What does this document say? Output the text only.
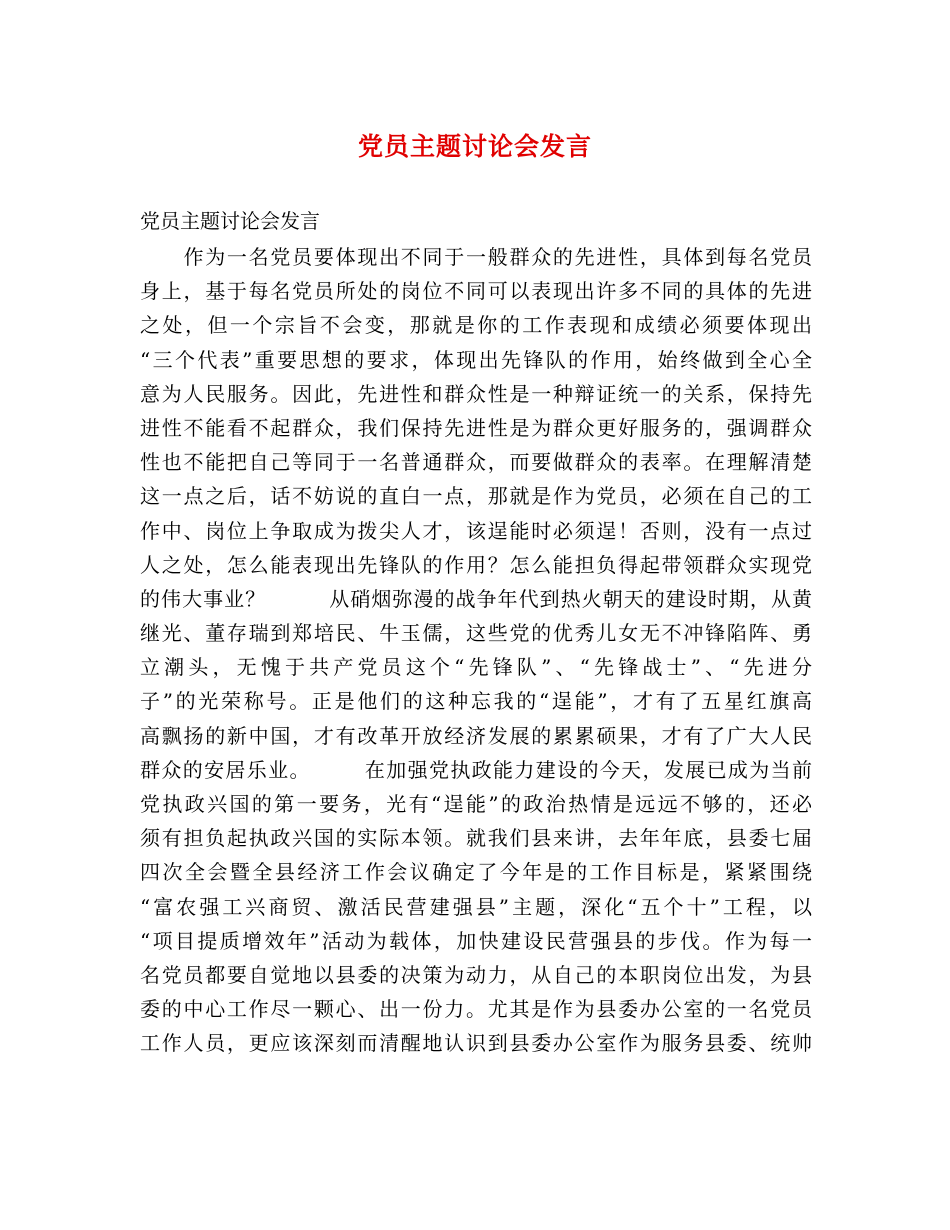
党员主题讨论会发言

党员主题讨论会发言

　　作为一名党员要体现出不同于一般群众的先进性，具体到每名党员
身上，基于每名党员所处的岗位不同可以表现出许多不同的具体的先进
之处，但一个宗旨不会变，那就是你的工作表现和成绩必须要体现出
“三个代表”重要思想的要求，体现出先锋队的作用，始终做到全心全
意为人民服务。因此，先进性和群众性是一种辩证统一的关系，保持先
进性不能看不起群众，我们保持先进性是为群众更好服务的，强调群众
性也不能把自己等同于一名普通群众，而要做群众的表率。在理解清楚
这一点之后，话不妨说的直白一点，那就是作为党员，必须在自己的工
作中、岗位上争取成为拨尖人才，该逞能时必须逞！否则，没有一点过
人之处，怎么能表现出先锋队的作用？怎么能担负得起带领群众实现党
的伟大事业？　　　从硝烟弥漫的战争年代到热火朝天的建设时期，从黄
继光、董存瑞到郑培民、牛玉儒，这些党的优秀儿女无不冲锋陷阵、勇
立潮头，无愧于共产党员这个“先锋队”、“先锋战士”、“先进分
子”的光荣称号。正是他们的这种忘我的“逞能”，才有了五星红旗高
高飘扬的新中国，才有改革开放经济发展的累累硕果，才有了广大人民
群众的安居乐业。　　　在加强党执政能力建设的今天，发展已成为当前
党执政兴国的第一要务，光有“逞能”的政治热情是远远不够的，还必
须有担负起执政兴国的实际本领。就我们县来讲，去年年底，县委七届
四次全会暨全县经济工作会议确定了今年是的工作目标是，紧紧围绕
“富农强工兴商贸、激活民营建强县”主题，深化“五个十”工程，以
“项目提质增效年”活动为载体，加快建设民营强县的步伐。作为每一
名党员都要自觉地以县委的决策为动力，从自己的本职岗位出发，为县
委的中心工作尽一颗心、出一份力。尤其是作为县委办公室的一名党员
工作人员，更应该深刻而清醒地认识到县委办公室作为服务县委、统帅
